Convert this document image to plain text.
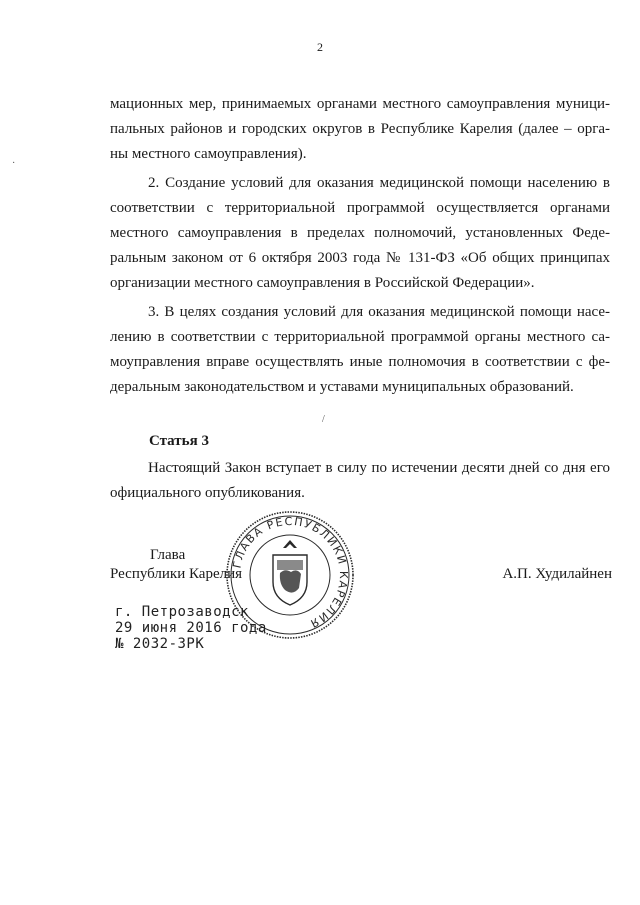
2
мационных мер, принимаемых органами местного самоуправления муници-
пальных районов и городских округов в Республике Карелия (далее – орга-
ны местного самоуправления).
2. Создание условий для оказания медицинской помощи населению в
соответствии с территориальной программой осуществляется органами
местного самоуправления в пределах полномочий, установленных Феде-
ральным законом от 6 октября 2003 года № 131-ФЗ «Об общих принципах
организации местного самоуправления в Российской Федерации».
3. В целях создания условий для оказания медицинской помощи насе-
лению в соответствии с территориальной программой органы местного са-
моуправления вправе осуществлять иные полномочия в соответствии с фе-
деральным законодательством и уставами муниципальных образований.
/
·
Статья 3
Настоящий Закон вступает в силу по истечении десяти дней со дня его
официального опубликования.
Глава
Республики Карелия	А.П. Худилайнен
ГЛАВА РЕСПУБЛИКИ КАРЕЛИЯ
г. Петрозаводск
29 июня 2016 года
№ 2032-ЗРК
